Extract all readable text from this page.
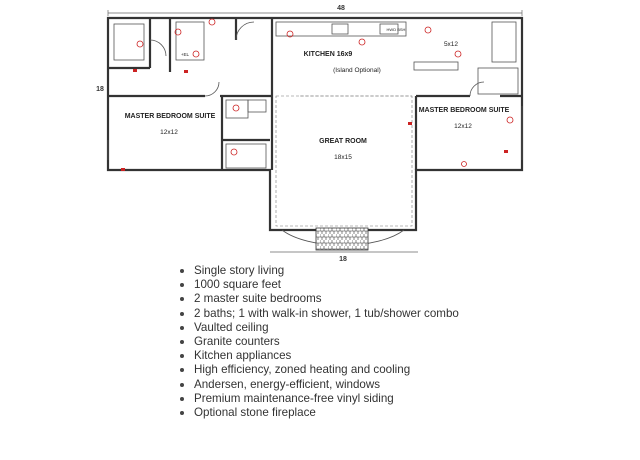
48
18
18
KITCHEN 16x9
(Island Optional)
5x12
MASTER BEDROOM SUITE
12x12
MASTER BEDROOM SUITE
12x12
GREAT ROOM
18x15
+EL
HWD BSH
Single story living
1000 square feet
2 master suite bedrooms
2 baths; 1 with walk-in shower, 1 tub/shower combo
Vaulted ceiling
Granite counters
Kitchen appliances
High efficiency, zoned heating and cooling
Andersen, energy-efficient, windows
Premium maintenance-free vinyl siding
Optional stone fireplace
